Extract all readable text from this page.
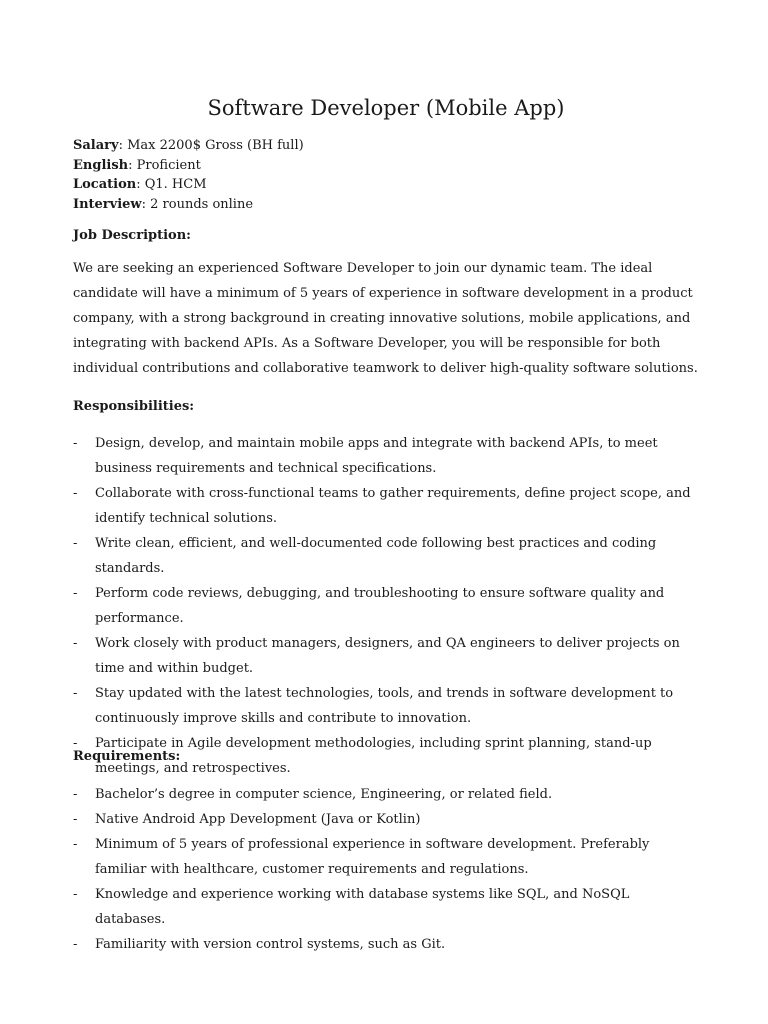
Software Developer (Mobile App)
Salary: Max 2200$ Gross (BH full)
English: Proficient
Location: Q1. HCM
Interview: 2 rounds online
Job Description:

We are seeking an experienced Software Developer to join our dynamic team. The ideal candidate will have a minimum of 5 years of experience in software development in a product company, with a strong background in creating innovative solutions, mobile applications, and integrating with backend APIs. As a Software Developer, you will be responsible for both individual contributions and collaborative teamwork to deliver high-quality software solutions.

Responsibilities:
- Design, develop, and maintain mobile apps and integrate with backend APIs, to meet business requirements and technical specifications.
- Collaborate with cross-functional teams to gather requirements, define project scope, and identify technical solutions.
- Write clean, efficient, and well-documented code following best practices and coding standards.
- Perform code reviews, debugging, and troubleshooting to ensure software quality and performance.
- Work closely with product managers, designers, and QA engineers to deliver projects on time and within budget.
- Stay updated with the latest technologies, tools, and trends in software development to continuously improve skills and contribute to innovation.
- Participate in Agile development methodologies, including sprint planning, stand-up meetings, and retrospectives.
Requirements:
- Bachelor’s degree in computer science, Engineering, or related field.
- Native Android App Development (Java or Kotlin)
- Minimum of 5 years of professional experience in software development. Preferably familiar with healthcare, customer requirements and regulations.
- Knowledge and experience working with database systems like SQL, and NoSQL databases.
- Familiarity with version control systems, such as Git.
